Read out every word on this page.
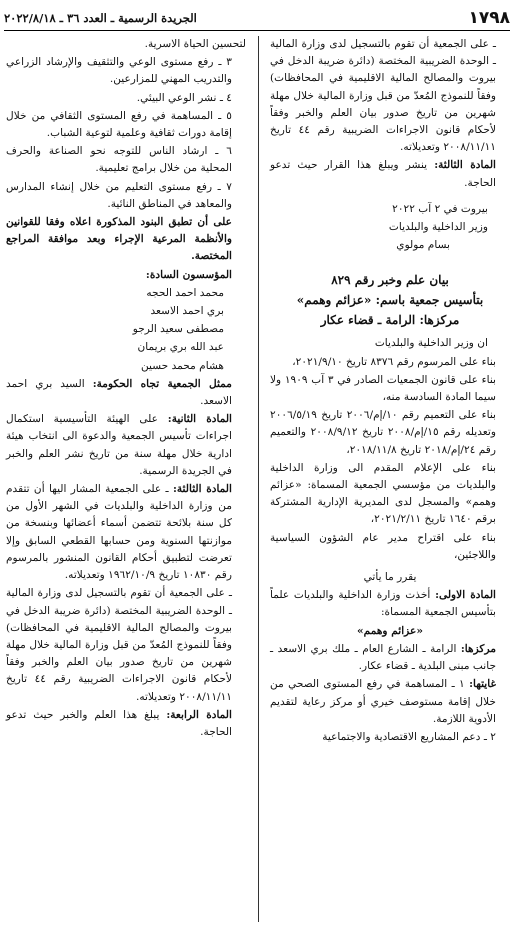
١٧٩٨
الجريدة الرسمية ـ العدد ٣٦ ـ ٢٠٢٢/٨/١٨

ـ على الجمعية أن تقوم بالتسجيل لدى وزارة المالية ـ الوحدة الضريبية المختصة (دائرة ضريبة الدخل في بيروت والمصالح المالية الاقليمية في المحافظات) وفقاً للنموذج المُعدّ من قبل وزارة المالية خلال مهلة شهرين من تاريخ صدور بيان العلم والخبر وفقاً لأحكام قانون الاجراءات الضريبية رقم ٤٤ تاريخ ٢٠٠٨/١١/١١ وتعديلاته.

المادة الثالثة: ينشر ويبلغ هذا القرار حيث تدعو الحاجة.

بيروت في ٢ آب ٢٠٢٢

وزير الداخلية والبلديات

بسام مولوي

بيان علم وخبر رقم ٨٢٩

بتأسيس جمعية باسم: «عزائم وهمم»

مركزها: الرامة ـ قضاء عكار

ان وزير الداخلية والبلديات

بناء على المرسوم رقم ٨٣٧٦ تاريخ ٢٠٢١/٩/١٠،

بناء على قانون الجمعيات الصادر في ٣ آب ١٩٠٩ ولا سيما المادة السادسة منه،

بناء على التعميم رقم ١٠/إم/٢٠٠٦ تاريخ ٢٠٠٦/٥/١٩ وتعديله رقم ١٥/إم/٢٠٠٨ تاريخ ٢٠٠٨/٩/١٢ والتعميم رقم ٢٤/إم/٢٠١٨ تاريخ ٢٠١٨/١١/٨،

بناء على الإعلام المقدم الى وزارة الداخلية والبلديات من مؤسسي الجمعية المسماة: «عزائم وهمم» والمسجل لدى المديرية الإدارية المشتركة برقم ١٦٤٠ تاريخ ٢٠٢١/٢/١١،

بناء على اقتراح مدير عام الشؤون السياسية واللاجئين،

يقرر ما يأتي

المادة الاولى: أخذت وزارة الداخلية والبلديات علماً بتأسيس الجمعية المسماة:

«عزائم وهمم»

مركزها: الرامة ـ الشارع العام ـ ملك بري الاسعد ـ جانب مبنى البلدية ـ قضاء عكار.

غايتها: ١ ـ المساهمة في رفع المستوى الصحي من خلال إقامة مستوصف خيري أو مركز رعاية لتقديم الأدوية اللازمة.

٢ ـ دعم المشاريع الاقتصادية والاجتماعية

لتحسين الحياة الاسرية.

٣ ـ رفع مستوى الوعي والتثقيف والإرشاد الزراعي والتدريب المهني للمزارعين.

٤ ـ نشر الوعي البيئي.

٥ ـ المساهمة في رفع المستوى الثقافي من خلال إقامة دورات ثقافية وعلمية لتوعية الشباب.

٦ ـ ارشاد الناس للتوجه نحو الصناعة والحرف المحلية من خلال برامج تعليمية.

٧ ـ رفع مستوى التعليم من خلال إنشاء المدارس والمعاهد في المناطق النائية.

على أن تطبق البنود المذكورة اعلاه وفقا للقوانين والأنظمة المرعية الإجراء وبعد موافقة المراجع المختصة.

المؤسسون السادة:

محمد احمد الحجه

بري احمد الاسعد

مصطفى سعيد الرجو

عبد الله بري بريمان

هشام محمد حسين

ممثل الجمعية تجاه الحكومة: السيد بري احمد الاسعد.

المادة الثانية: على الهيئة التأسيسية استكمال اجراءات تأسيس الجمعية والدعوة الى انتخاب هيئة ادارية خلال مهلة سنة من تاريخ نشر العلم والخبر في الجريدة الرسمية.

المادة الثالثة: ـ على الجمعية المشار اليها أن تتقدم من وزارة الداخلية والبلديات في الشهر الأول من كل سنة بلائحة تتضمن أسماء أعضائها وبنسخة من موازنتها السنوية ومن حسابها القطعي السابق وإلا تعرضت لتطبيق أحكام القانون المنشور بالمرسوم رقم ١٠٨٣٠ تاريخ ١٩٦٢/١٠/٩ وتعديلاته.

ـ على الجمعية أن تقوم بالتسجيل لدى وزارة المالية ـ الوحدة الضريبية المختصة (دائرة ضريبة الدخل في بيروت والمصالح المالية الاقليمية في المحافظات) وفقاً للنموذج المُعدّ من قبل وزارة المالية خلال مهلة شهرين من تاريخ صدور بيان العلم والخبر وفقاً لأحكام قانون الاجراءات الضريبية رقم ٤٤ تاريخ ٢٠٠٨/١١/١١ وتعديلاته.

المادة الرابعة: يبلغ هذا العلم والخبر حيث تدعو الحاجة.
